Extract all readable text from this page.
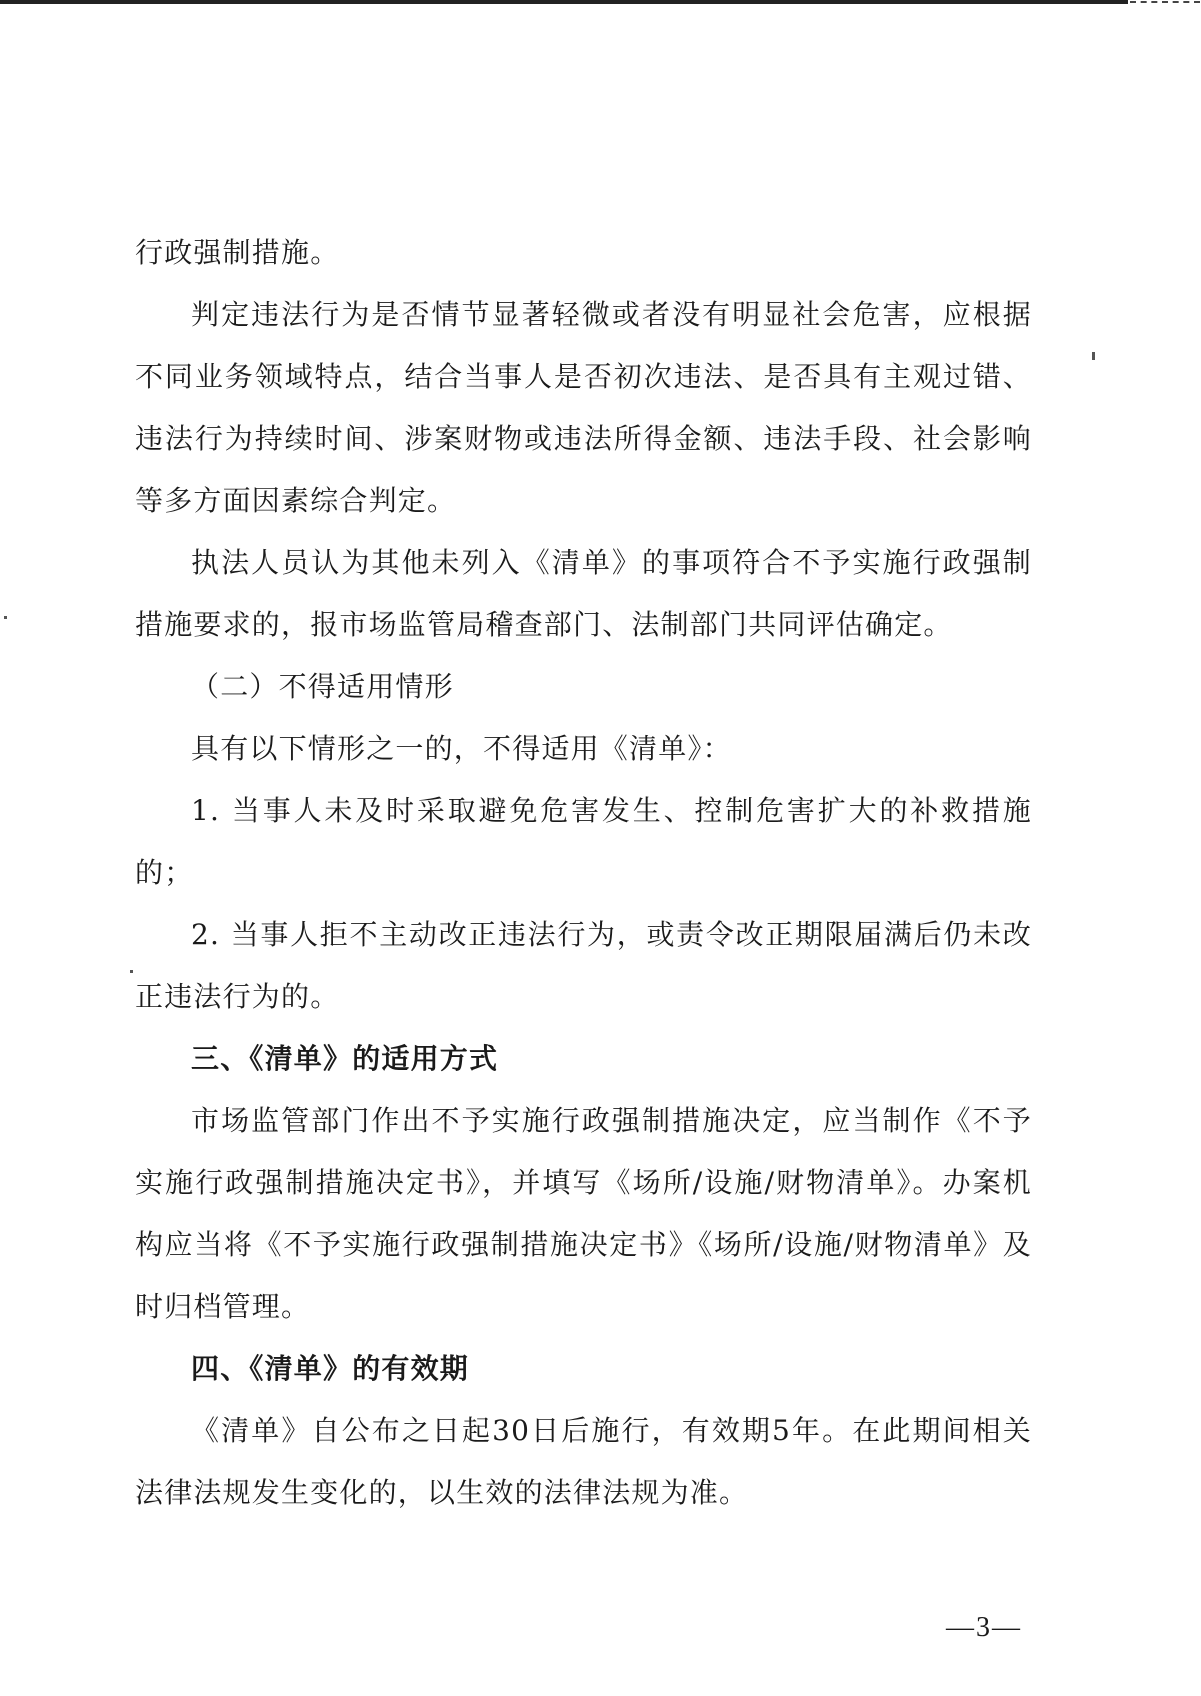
行政强制措施。

判定违法行为是否情节显著轻微或者没有明显社会危害，应根据不同业务领域特点，结合当事人是否初次违法、是否具有主观过错、违法行为持续时间、涉案财物或违法所得金额、违法手段、社会影响等多方面因素综合判定。

执法人员认为其他未列入《清单》的事项符合不予实施行政强制措施要求的，报市场监管局稽查部门、法制部门共同评估确定。

（二）不得适用情形

具有以下情形之一的，不得适用《清单》：

1. 当事人未及时采取避免危害发生、控制危害扩大的补救措施的；

2. 当事人拒不主动改正违法行为，或责令改正期限届满后仍未改正违法行为的。

三、《清单》的适用方式

市场监管部门作出不予实施行政强制措施决定，应当制作《不予实施行政强制措施决定书》，并填写《场所/设施/财物清单》。办案机构应当将《不予实施行政强制措施决定书》《场所/设施/财物清单》及时归档管理。

四、《清单》的有效期

《清单》自公布之日起30日后施行，有效期5年。在此期间相关法律法规发生变化的，以生效的法律法规为准。

—3—
